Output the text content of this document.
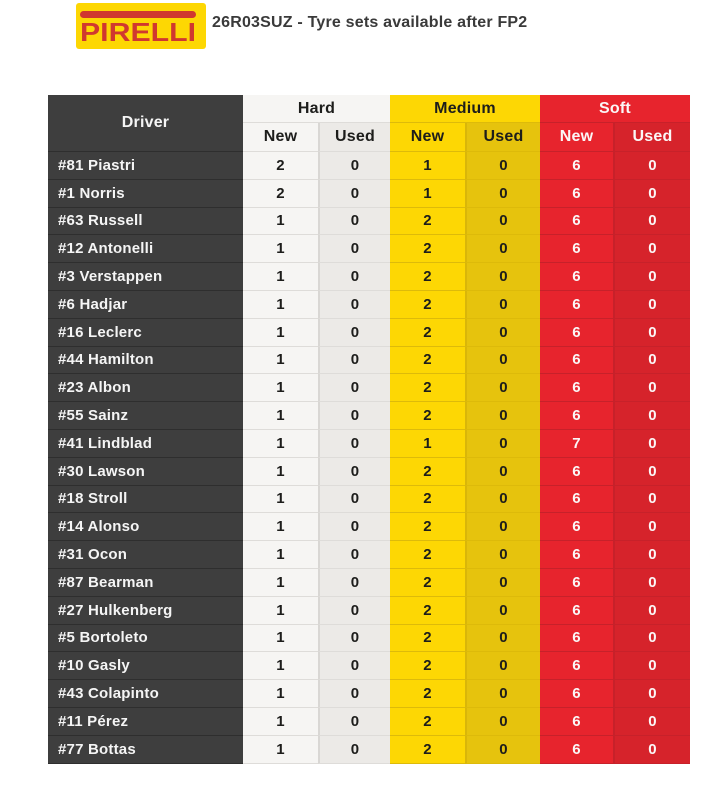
PIRELLI 26R03SUZ - Tyre sets available after FP2
Driver
Hard	Medium	Soft
New	Used	New	Used	New	Used
#81 Piastri	2	0	1	0	6	0
#1 Norris	2	0	1	0	6	0
#63 Russell	1	0	2	0	6	0
#12 Antonelli	1	0	2	0	6	0
#3 Verstappen	1	0	2	0	6	0
#6 Hadjar	1	0	2	0	6	0
#16 Leclerc	1	0	2	0	6	0
#44 Hamilton	1	0	2	0	6	0
#23 Albon	1	0	2	0	6	0
#55 Sainz	1	0	2	0	6	0
#41 Lindblad	1	0	1	0	7	0
#30 Lawson	1	0	2	0	6	0
#18 Stroll	1	0	2	0	6	0
#14 Alonso	1	0	2	0	6	0
#31 Ocon	1	0	2	0	6	0
#87 Bearman	1	0	2	0	6	0
#27 Hulkenberg	1	0	2	0	6	0
#5 Bortoleto	1	0	2	0	6	0
#10 Gasly	1	0	2	0	6	0
#43 Colapinto	1	0	2	0	6	0
#11 Pérez	1	0	2	0	6	0
#77 Bottas	1	0	2	0	6	0
